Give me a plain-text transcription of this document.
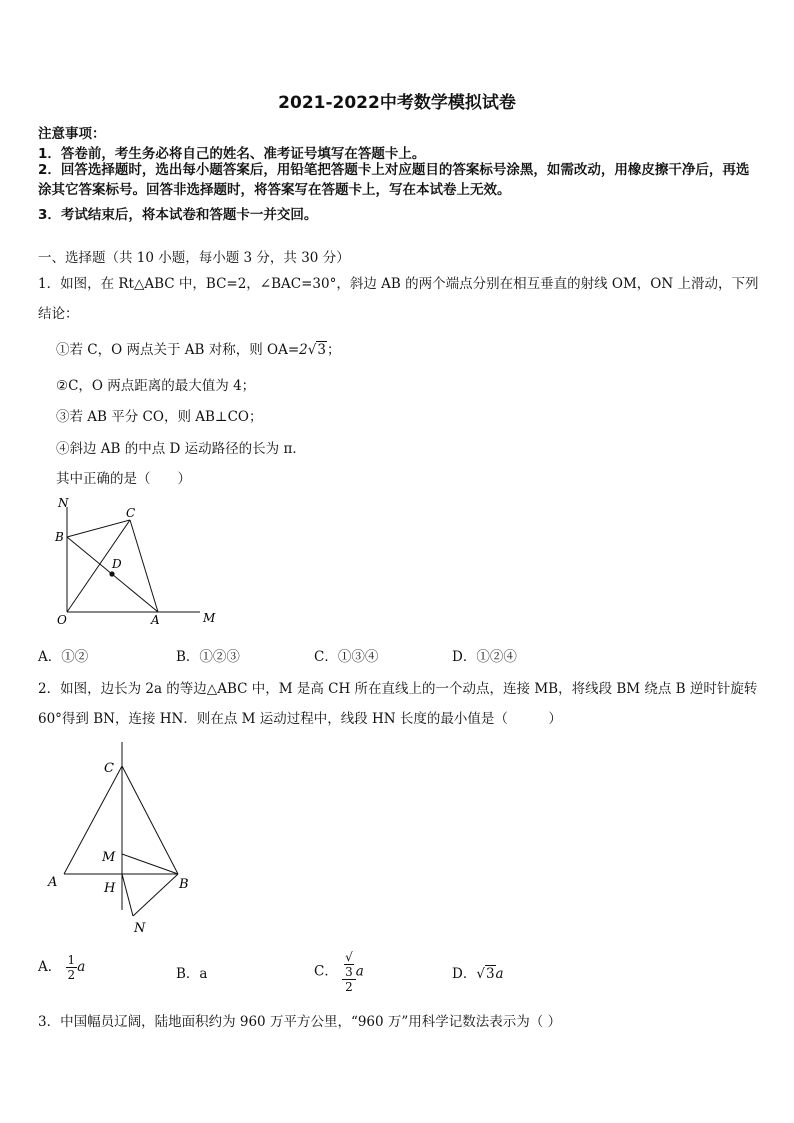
2021-2022中考数学模拟试卷
注意事项：
1．答卷前，考生务必将自己的姓名、准考证号填写在答题卡上。
2．回答选择题时，选出每小题答案后，用铅笔把答题卡上对应题目的答案标号涂黑，如需改动，用橡皮擦干净后，再选涂其它答案标号。回答非选择题时，将答案写在答题卡上，写在本试卷上无效。
3．考试结束后，将本试卷和答题卡一并交回。
一、选择题（共 10 小题，每小题 3 分，共 30 分）
1．如图，在 Rt△ABC 中，BC=2，∠BAC=30°，斜边 AB 的两个端点分别在相互垂直的射线 OM，ON 上滑动，下列
结论：
①若 C，O 两点关于 AB 对称，则 OA=2√3；
②C，O 两点距离的最大值为 4；
③若 AB 平分 CO，则 AB⊥CO；
④斜边 AB 的中点 D 运动路径的长为 π．
其中正确的是（　　）
N
B
C
D
O	A	M
A．①②	B．①②③	C．①③④	D．①②④
2．如图，边长为 2a 的等边△ABC 中，M 是高 CH 所在直线上的一个动点，连接 MB，将线段 BM 绕点 B 逆时针旋转
60°得到 BN，连接 HN．则在点 M 运动过程中，线段 HN 长度的最小值是（　　　）
C
M
A	H	B
N
A． $\frac{1}{2}$ a	B．a	C． √
3
2 a	D．√3a
3．中国幅员辽阔，陆地面积约为 960 万平方公里，“960 万”用科学记数法表示为（ ）
